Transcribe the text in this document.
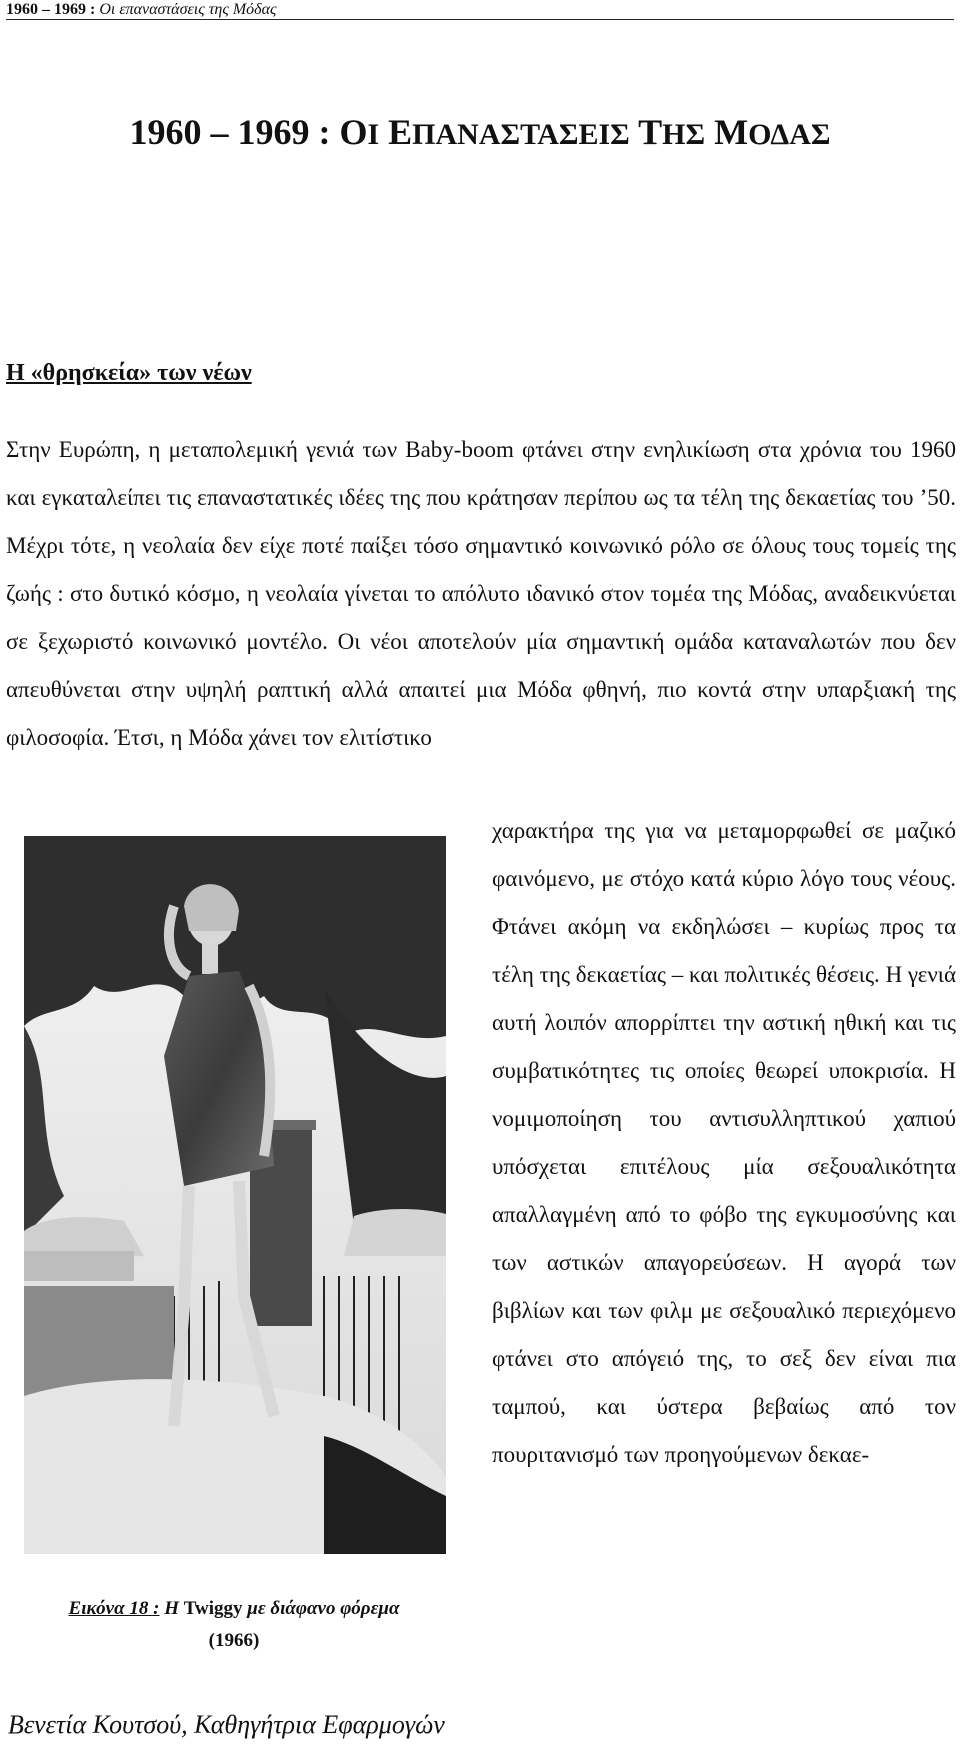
1960 – 1969 : Οι επαναστάσεις της Μόδας
1960 – 1969 : ΟΙ ΕΠΑΝΑΣΤΑΣΕΙΣ ΤΗΣ ΜΟΔΑΣ
Η «θρησκεία» των νέων

Στην Ευρώπη, η μεταπολεμική γενιά των Baby-boom φτάνει στην ενηλικίωση στα χρόνια του 1960 και εγκαταλείπει τις επαναστατικές ιδέες της που κράτησαν περίπου ως τα τέλη της δεκαετίας του ’50. Μέχρι τότε, η νεολαία δεν είχε ποτέ παίξει τόσο σημαντικό κοινωνικό ρόλο σε όλους τους τομείς της ζωής : στο δυτικό κόσμο, η νεολαία γίνεται το απόλυτο ιδανικό στον τομέα της Μόδας, αναδεικνύεται σε ξεχωριστό κοινωνικό μοντέλο. Οι νέοι αποτελούν μία σημαντική ομάδα καταναλωτών που δεν απευθύνεται στην υψηλή ραπτική αλλά απαιτεί μια Μόδα φθηνή, πιο κοντά στην υπαρξιακή της φιλοσοφία. Έτσι, η Μόδα χάνει τον ελιτίστικο

χαρακτήρα της για να μεταμορφωθεί σε μαζικό φαινόμενο, με στόχο κατά κύριο λόγο τους νέους. Φτάνει ακόμη να εκδηλώσει – κυρίως προς τα τέλη της δεκαετίας – και πολιτικές θέσεις. Η γενιά αυτή λοιπόν απορρίπτει την αστική ηθική και τις συμβατικότητες τις οποίες θεωρεί υποκρισία. Η νομιμοποίηση του αντισυλληπτικού χαπιού υπόσχεται επιτέλους μία σεξουαλικότητα απαλλαγμένη από το φόβο της εγκυμοσύνης και των αστικών απαγορεύσεων. Η αγορά των βιβλίων και των φιλμ με σεξουαλικό περιεχόμενο φτάνει στο απόγειό της, το σεξ δεν είναι πια ταμπού, και ύστερα βεβαίως από τον πουριτανισμό των προηγούμενων δεκαε-

Εικόνα 18 : Η Twiggy με διάφανο φόρεμα
(1966)
Βενετία Κουτσού, Καθηγήτρια Εφαρμογών
